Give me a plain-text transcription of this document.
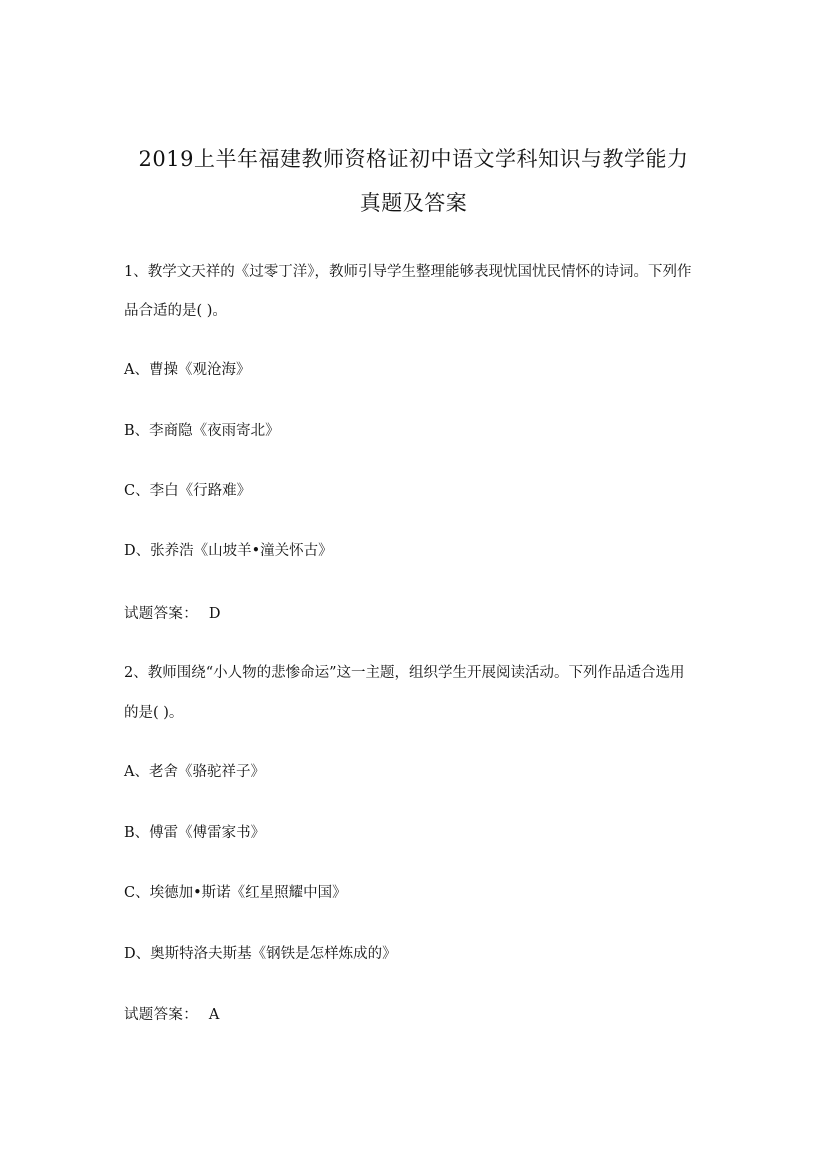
2019上半年福建教师资格证初中语文学科知识与教学能力
真题及答案
1、教学文天祥的《过零丁洋》，教师引导学生整理能够表现忧国忧民情怀的诗词。下列作
品合适的是( )。
A、曹操《观沧海》
B、李商隐《夜雨寄北》
C、李白《行路难》
D、张养浩《山坡羊•潼关怀古》
试题答案： D
2、教师围绕“小人物的悲惨命运”这一主题，组织学生开展阅读活动。下列作品适合选用
的是( )。
A、老舍《骆驼祥子》
B、傅雷《傅雷家书》
C、埃德加•斯诺《红星照耀中国》
D、奥斯特洛夫斯基《钢铁是怎样炼成的》
试题答案： A
